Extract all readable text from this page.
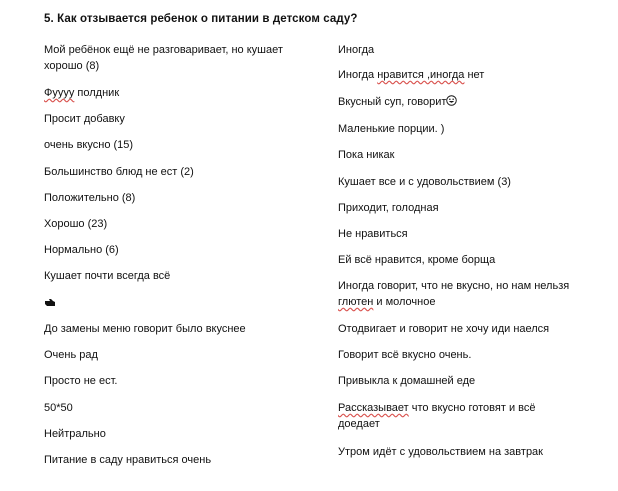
5. Как отзывается ребенок о питании в детском саду?
Мой ребёнок ещё не разговаривает, но кушает хорошо (8)
Фуууу полдник
Просит добавку
очень вкусно (15)
Большинство блюд не ест (2)
Положительно (8)
Хорошо (23)
Нормально (6)
Кушает почти всегда всё
До замены меню говорит было вкуснее
Очень рад
Просто не ест.
50*50
Нейтрально
Питание в саду нравиться очень
Иногда
Иногда нравится ,иногда нет
Вкусный суп, говорит
Маленькие порции. )
Пока никак
Кушает все и с удовольствием (3)
Приходит, голодная
Не нравиться
Ей всё нравится, кроме борща
Иногда говорит, что не вкусно, но нам нельзя
глютен и молочное
Отодвигает и говорит не хочу иди наелся
Говорит всё вкусно очень.
Привыкла к домашней еде
Рассказывает что вкусно готовят и всё
доедает
Утром идёт с удовольствием на завтрак
